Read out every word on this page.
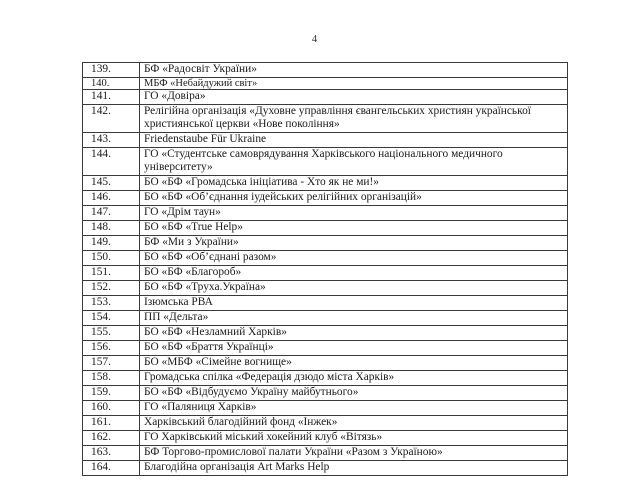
4
139.	БФ «Радосвіт України»
140.	МБФ «Небайдужий світ»
141.	ГО «Довіра»
142.	Релігійна організація «Духовне управління євангельських християн української християнської церкви «Нове покоління»
143.	Friedenstaube Für Ukraine
144.	ГО «Студентське самоврядування Харківського національного медичного університету»
145.	БО «БФ «Громадська ініціатива - Хто як не ми!»
146.	БО «БФ «Об’єднання іудейських релігійних організацій»
147.	ГО «Дрім таун»
148.	БО «БФ «True Help»
149.	БФ «Ми з України»
150.	БО «БФ «Об’єднані разом»
151.	БО «БФ «Благороб»
152.	БО «БФ «Труха.Україна»
153.	Ізюмська РВА
154.	ПП «Дельта»
155.	БО «БФ «Незламний Харків»
156.	БО «БФ «Браття Українці»
157.	БО «МБФ «Сімейне вогнище»
158.	Громадська спілка «Федерація дзюдо міста Харків»
159.	БО «БФ «Відбудуємо Україну майбутнього»
160.	ГО «Паляниця Харків»
161.	Харківський благодійний фонд «Інжек»
162.	ГО Харківський міський хокейний клуб «Вітязь»
163.	БФ Торгово-промислової палати України «Разом з Україною»
164.	Благодійна організація Art Marks Help
